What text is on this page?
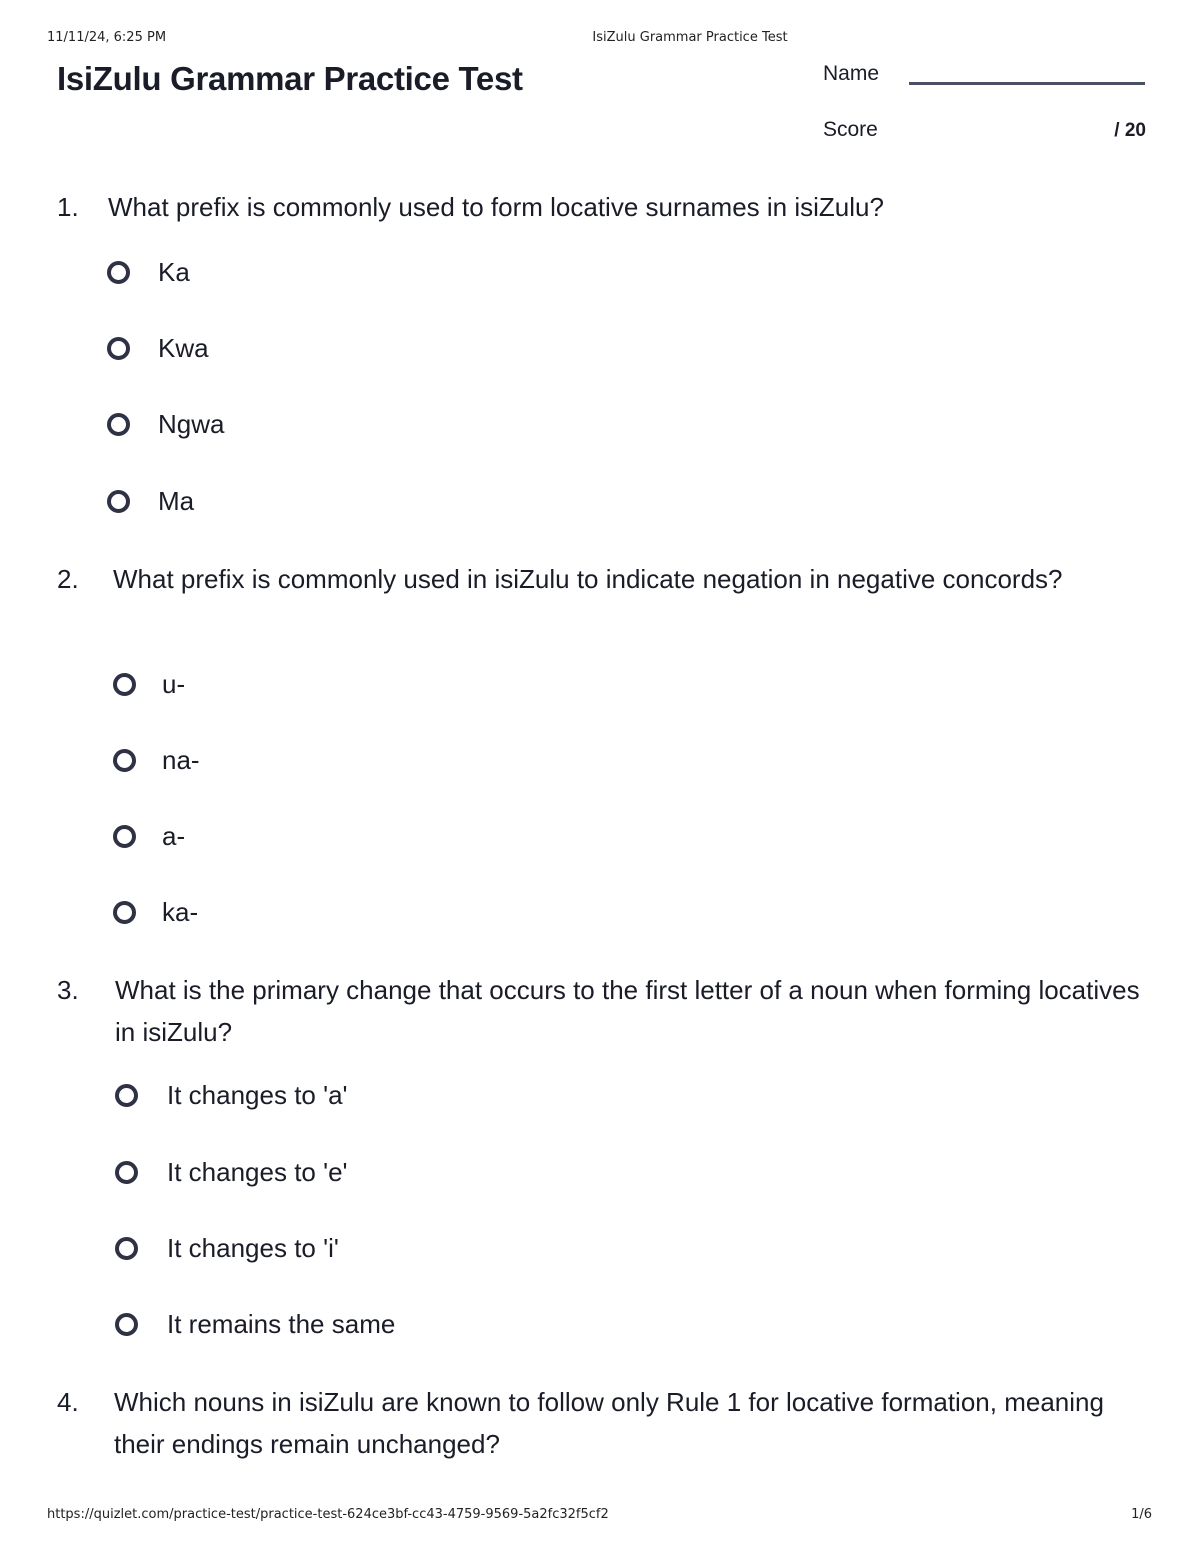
11/11/24, 6:25 PM	IsiZulu Grammar Practice Test
IsiZulu Grammar Practice Test	Name
Score	/ 20
1. What prefix is commonly used to form locative surnames in isiZulu?
Ka
Kwa
Ngwa
Ma
2. What prefix is commonly used in isiZulu to indicate negation in negative concords?
u-
na-
a-
ka-
3. What is the primary change that occurs to the first letter of a noun when forming locatives in isiZulu?
It changes to 'a'
It changes to 'e'
It changes to 'i'
It remains the same
4. Which nouns in isiZulu are known to follow only Rule 1 for locative formation, meaning their endings remain unchanged?
https://quizlet.com/practice-test/practice-test-624ce3bf-cc43-4759-9569-5a2fc32f5cf2	1/6
